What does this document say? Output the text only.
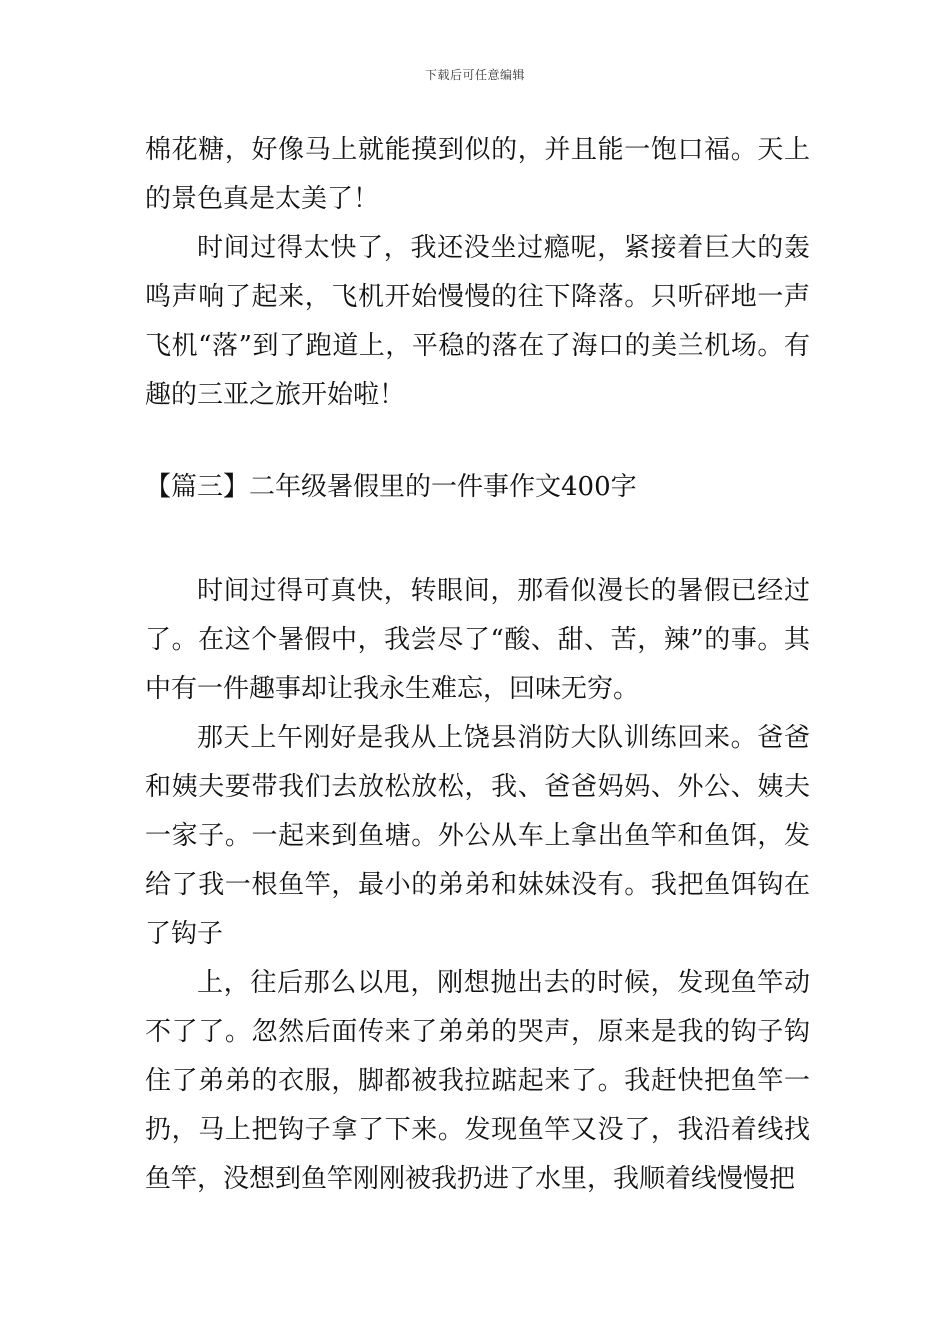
下载后可任意编辑

棉花糖，好像马上就能摸到似的，并且能一饱口福。天上的景色真是太美了！

时间过得太快了，我还没坐过瘾呢，紧接着巨大的轰鸣声响了起来，飞机开始慢慢的往下降落。只听砰地一声飞机“落”到了跑道上，平稳的落在了海口的美兰机场。有趣的三亚之旅开始啦！

【篇三】二年级暑假里的一件事作文400字

时间过得可真快，转眼间，那看似漫长的暑假已经过了。在这个暑假中，我尝尽了“酸、甜、苦，辣”的事。其中有一件趣事却让我永生难忘，回味无穷。

那天上午刚好是我从上饶县消防大队训练回来。爸爸和姨夫要带我们去放松放松，我、爸爸妈妈、外公、姨夫一家子。一起来到鱼塘。外公从车上拿出鱼竿和鱼饵，发给了我一根鱼竿，最小的弟弟和妹妹没有。我把鱼饵钩在了钩子

上，往后那么以甩，刚想抛出去的时候，发现鱼竿动不了了。忽然后面传来了弟弟的哭声，原来是我的钩子钩住了弟弟的衣服，脚都被我拉踮起来了。我赶快把鱼竿一扔，马上把钩子拿了下来。发现鱼竿又没了，我沿着线找鱼竿，没想到鱼竿刚刚被我扔进了水里，我顺着线慢慢把
